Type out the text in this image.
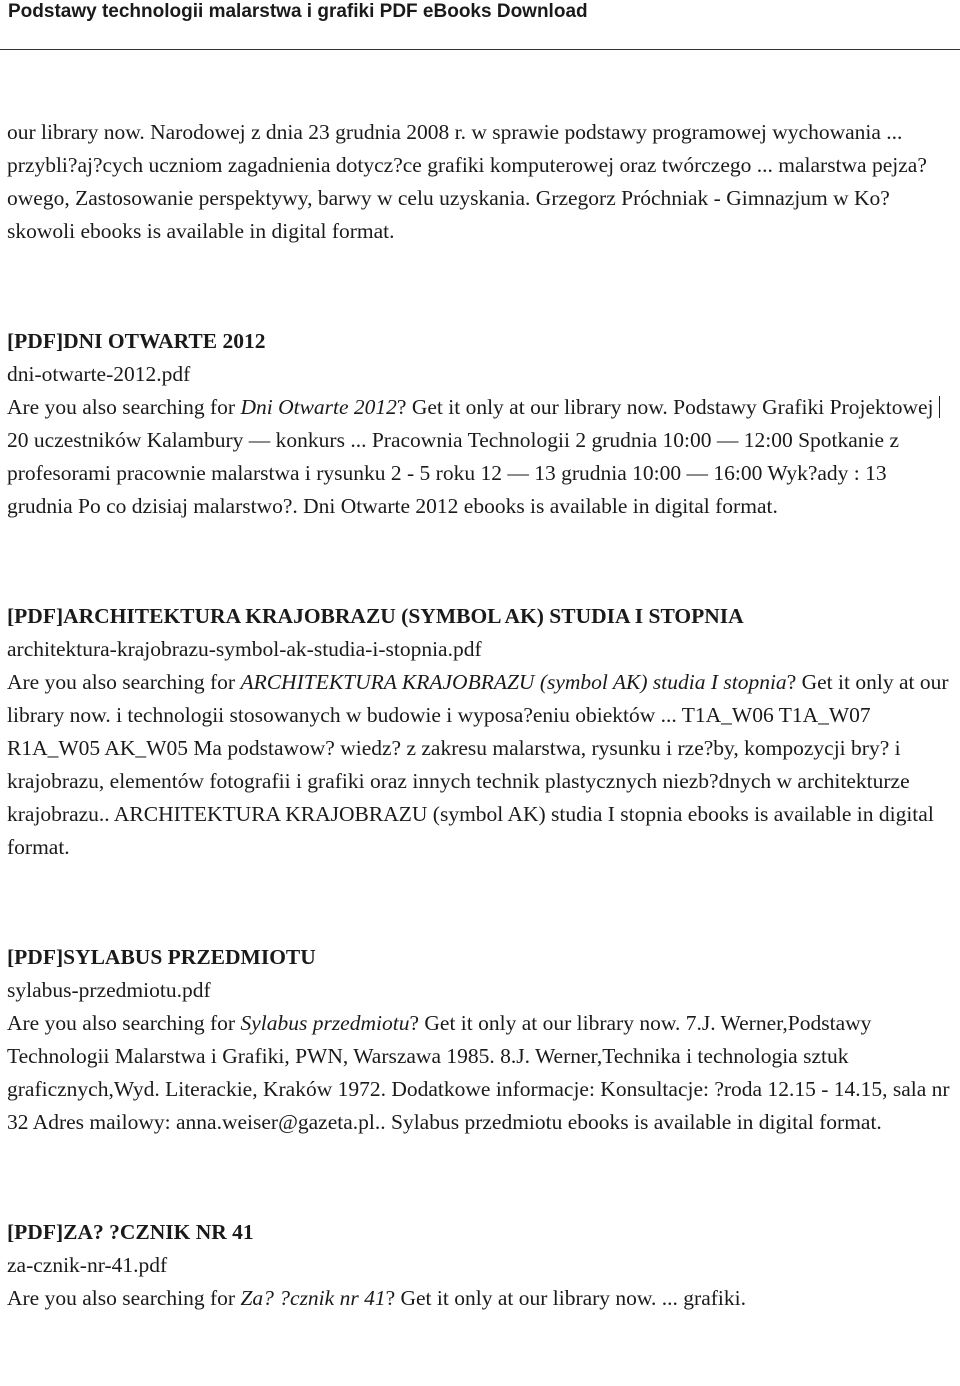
Podstawy technologii malarstwa i grafiki PDF eBooks Download

our library now. Narodowej z dnia 23 grudnia 2008 r. w sprawie podstawy programowej wychowania ... przybli?aj?cych uczniom zagadnienia dotycz?ce grafiki komputerowej oraz twórczego ... malarstwa pejza?owego, Zastosowanie perspektywy, barwy w celu uzyskania. Grzegorz Próchniak - Gimnazjum w Ko?skowoli ebooks is available in digital format.

[PDF]DNI OTWARTE 2012

dni-otwarte-2012.pdf

Are you also searching for Dni Otwarte 2012? Get it only at our library now. Podstawy Grafiki Projektowej20 uczestników Kalambury — konkurs ... Pracownia Technologii 2 grudnia 10:00 — 12:00 Spotkanie z profesorami pracownie malarstwa i rysunku 2 - 5 roku 12 — 13 grudnia 10:00 — 16:00 Wyk?ady : 13 grudnia Po co dzisiaj malarstwo?. Dni Otwarte 2012 ebooks is available in digital format.

[PDF]ARCHITEKTURA KRAJOBRAZU (SYMBOL AK) STUDIA I STOPNIA

architektura-krajobrazu-symbol-ak-studia-i-stopnia.pdf

Are you also searching for ARCHITEKTURA KRAJOBRAZU (symbol AK) studia I stopnia? Get it only at our library now. i technologii stosowanych w budowie i wyposa?eniu obiektów ... T1A_W06 T1A_W07 R1A_W05 AK_W05 Ma podstawow? wiedz? z zakresu malarstwa, rysunku i rze?by, kompozycji bry? i krajobrazu, elementów fotografii i grafiki oraz innych technik plastycznych niezb?dnych w architekturze krajobrazu.. ARCHITEKTURA KRAJOBRAZU (symbol AK) studia I stopnia ebooks is available in digital format.

[PDF]SYLABUS PRZEDMIOTU

sylabus-przedmiotu.pdf

Are you also searching for Sylabus przedmiotu? Get it only at our library now. 7.J. Werner,Podstawy Technologii Malarstwa i Grafiki, PWN, Warszawa 1985. 8.J. Werner,Technika i technologia sztuk graficznych,Wyd. Literackie, Kraków 1972. Dodatkowe informacje: Konsultacje: ?roda 12.15 - 14.15, sala nr 32 Adres mailowy: anna.weiser@gazeta.pl.. Sylabus przedmiotu ebooks is available in digital format.

[PDF]ZA? ?CZNIK NR 41

za-cznik-nr-41.pdf

Are you also searching for Za? ?cznik nr 41? Get it only at our library now. ... grafiki.
